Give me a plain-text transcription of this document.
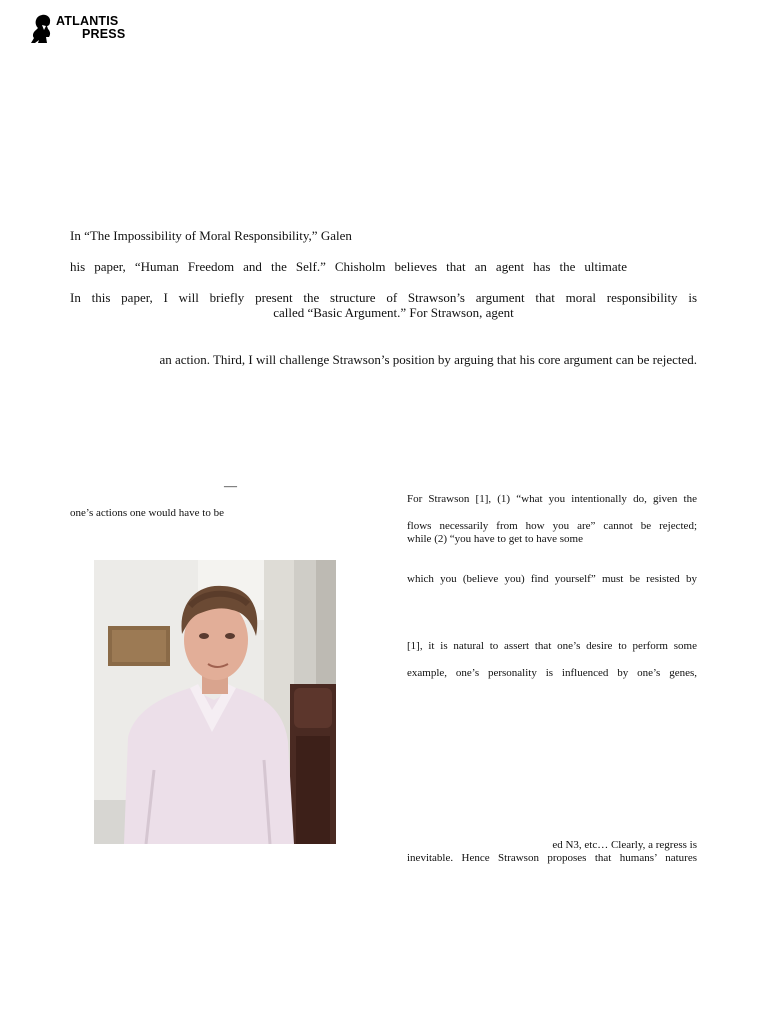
ATLANTIS
PRESS
In “The Impossibility of Moral Responsibility,” Galen
his paper, “Human Freedom and the Self.” Chisholm believes that an agent has the ultimate
In this paper, I will briefly present the structure of Strawson’s argument that moral responsibility is
called “Basic Argument.” For Strawson, agent
an action. Third, I will challenge Strawson’s position by arguing that his core argument can be rejected.
—
one’s actions one would have to be
For Strawson [1], (1) “what you intentionally do, given the
flows necessarily from how you are” cannot be rejected;
while (2) “you have to get to have some
which you (believe you) find yourself” must be resisted by
[1], it is natural to assert that one’s desire to perform some
example, one’s personality is influenced by one’s genes,
ed N3, etc… Clearly, a regress is
inevitable. Hence Strawson proposes that humans’ natures
